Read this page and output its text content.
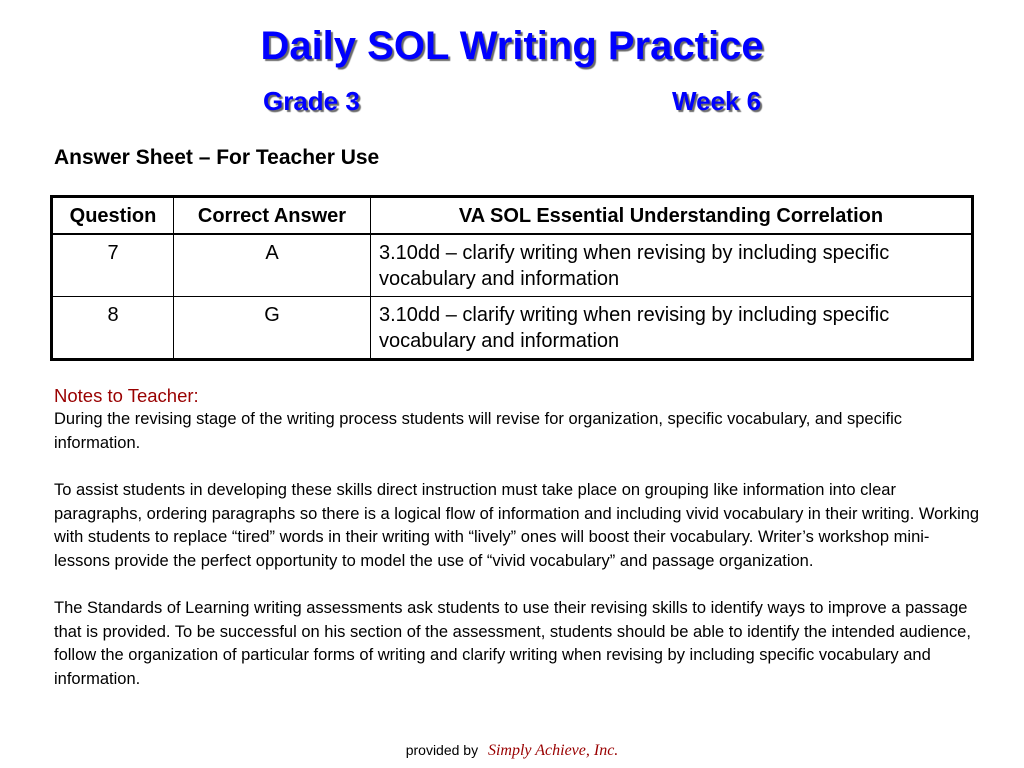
Daily SOL Writing Practice
Grade 3	Week 6
Answer Sheet – For Teacher Use
Question	Correct Answer	VA SOL Essential Understanding Correlation
7	A	3.10dd – clarify writing when revising by including specific vocabulary and information
8	G	3.10dd – clarify writing when revising by including specific vocabulary and information
Notes to Teacher:

During the revising stage of the writing process students will revise for organization, specific vocabulary, and specific information.

To assist students in developing these skills direct instruction must take place on grouping like information into clear paragraphs, ordering paragraphs so there is a logical flow of information and including vivid vocabulary in their writing. Working with students to replace “tired” words in their writing with “lively” ones will boost their vocabulary. Writer’s workshop mini-lessons provide the perfect opportunity to model the use of “vivid vocabulary” and passage organization.

The Standards of Learning writing assessments ask students to use their revising skills to identify ways to improve a passage that is provided. To be successful on his section of the assessment, students should be able to identify the intended audience, follow the organization of particular forms of writing and clarify writing when revising by including specific vocabulary and information.

provided by Simply Achieve, Inc.
